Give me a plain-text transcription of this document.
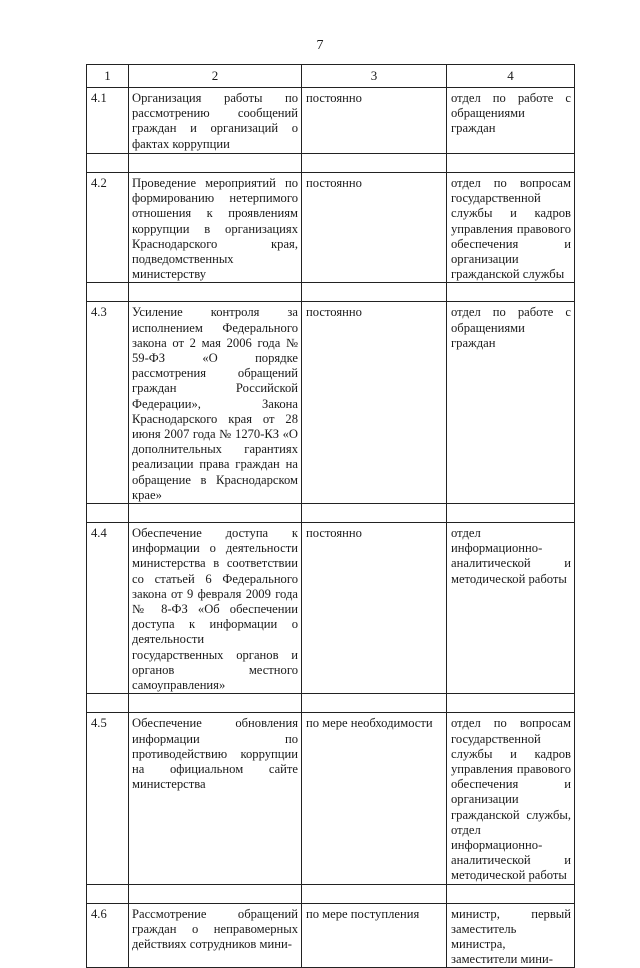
7
1	2	3	4
4.1	Организация работы по рассмотрению сообщений граждан и организаций о фактах коррупции	постоянно	отдел по работе с обращениями граждан

4.2	Проведение мероприятий по формированию нетерпимого отношения к проявлениям коррупции в организациях Краснодарского края, подведомственных министерству	постоянно	отдел по вопросам государственной службы и кадров управления правового обеспечения и организации гражданской службы

4.3	Усиление контроля за исполнением Федерального закона от 2 мая 2006 года № 59-ФЗ «О порядке рассмотрения обращений граждан Российской Федерации», Закона Краснодарского края от 28 июня 2007 года № 1270-КЗ «О дополнительных гарантиях реализации права граждан на обращение в Краснодарском крае»	постоянно	отдел по работе с обращениями граждан

4.4	Обеспечение доступа к информации о деятельности министерства в соответствии со статьей 6 Федерального закона от 9 февраля 2009 года № 8-ФЗ «Об обеспечении доступа к информации о деятельности государственных органов и органов местного самоуправления»	постоянно	отдел информационно-аналитической и методической работы

4.5	Обеспечение обновления информации по противодействию коррупции на официальном сайте министерства	по мере необходимости	отдел по вопросам государственной службы и кадров управления правового обеспечения и организации гражданской службы, отдел информационно-аналитической и методической работы

4.6	Рассмотрение обращений граждан о неправомерных действиях сотрудников мини-	по мере поступления	министр, первый заместитель министра, заместители мини-
